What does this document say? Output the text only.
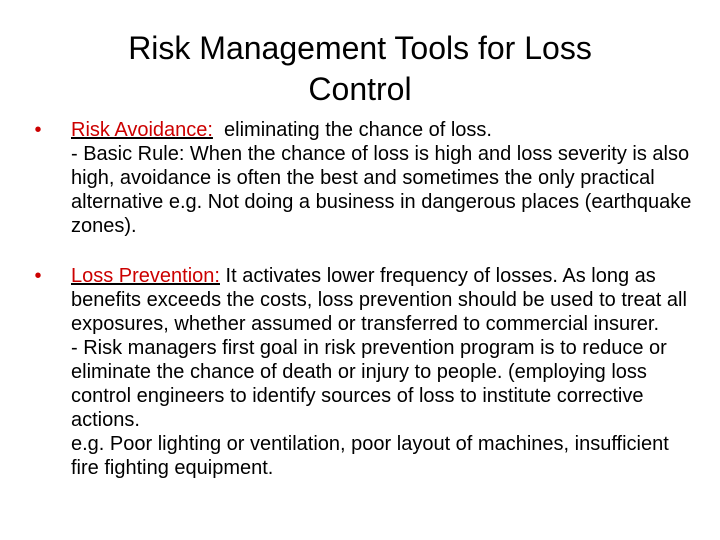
Risk Management Tools for Loss
Control
•	Risk Avoidance:  eliminating the chance of loss.
- Basic Rule: When the chance of loss is high and loss severity is also high, avoidance is often the best and sometimes the only practical alternative e.g. Not doing a business in dangerous places (earthquake zones).
•	Loss Prevention: It activates lower frequency of losses. As long as benefits exceeds the costs, loss prevention should be used to treat all exposures, whether assumed or transferred to commercial insurer.
- Risk managers first goal in risk prevention program is to reduce or eliminate the chance of death or injury to people. (employing loss control engineers to identify sources of loss to institute corrective actions.
e.g. Poor lighting or ventilation, poor layout of machines, insufficient fire fighting equipment.
